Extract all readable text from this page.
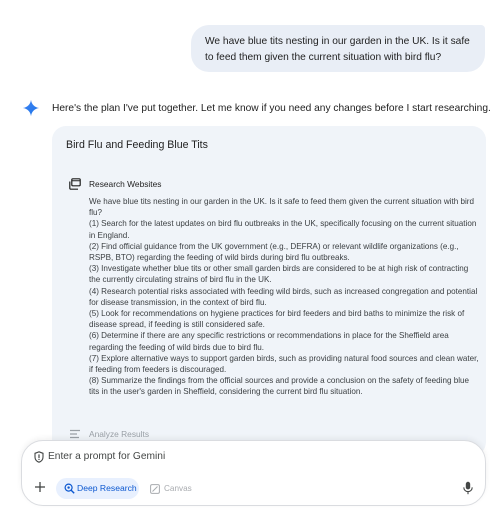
We have blue tits nesting in our garden in the UK. Is it safe to feed them given the current situation with bird flu?
Here's the plan I've put together. Let me know if you need any changes before I start researching.
Bird Flu and Feeding Blue Tits
Research Websites

We have blue tits nesting in our garden in the UK. Is it safe to feed them given the current situation with bird flu?

(1) Search for the latest updates on bird flu outbreaks in the UK, specifically focusing on the current situation in England.

(2) Find official guidance from the UK government (e.g., DEFRA) or relevant wildlife organizations (e.g., RSPB, BTO) regarding the feeding of wild birds during bird flu outbreaks.

(3) Investigate whether blue tits or other small garden birds are considered to be at high risk of contracting the currently circulating strains of bird flu in the UK.

(4) Research potential risks associated with feeding wild birds, such as increased congregation and potential for disease transmission, in the context of bird flu.

(5) Look for recommendations on hygiene practices for bird feeders and bird baths to minimize the risk of disease spread, if feeding is still considered safe.

(6) Determine if there are any specific restrictions or recommendations in place for the Sheffield area regarding the feeding of wild birds due to bird flu.

(7) Explore alternative ways to support garden birds, such as providing natural food sources and clean water, if feeding from feeders is discouraged.

(8) Summarize the findings from the official sources and provide a conclusion on the safety of feeding blue tits in the user's garden in Sheffield, considering the current bird flu situation.

Analyze Results
Enter a prompt for Gemini
Deep Research	Canvas
